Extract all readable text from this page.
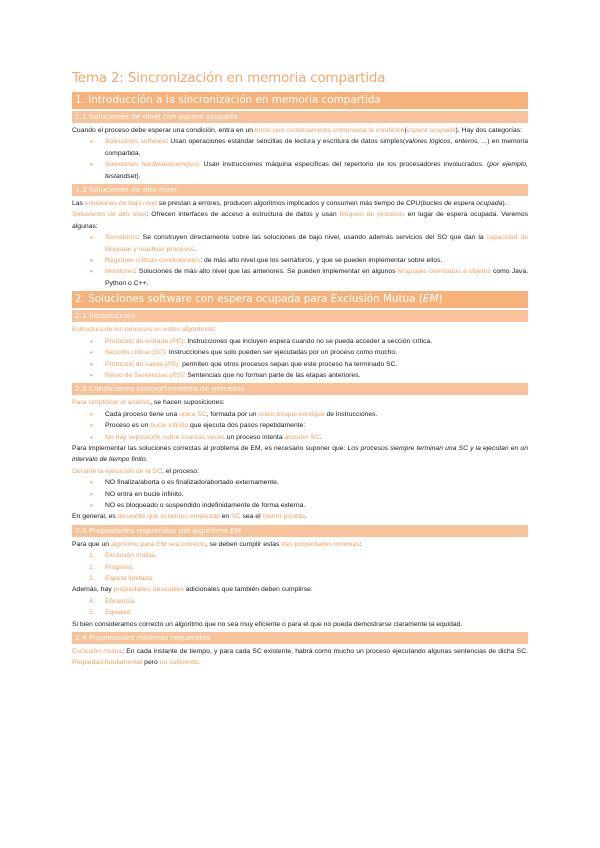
Tema 2: Sincronización en memoria compartida
1. Introducción a la sincronización en memoria compartida
1.1 Soluciones de nivel con espera ocupada

Cuando el proceso debe esperar una condición, entra en un bucle que continuamente comprueba la condición(espera ocupada). Hay dos categorías:

• Soluciones software: Usan operaciones estándar sencillas de lectura y escritura de datos simples(valores lógicos, enteros, ...) en memoria compartida.
• Soluciones hardware(cerrojos): Usan instrucciones máquina específicas del repertorio de los procesadores involucrados. (por ejemplo, testandset).
1.2 Soluciones de alto nivel

Las soluciones de bajo nivel se prestan a errores, producen algoritmos implicados y consumen más tiempo de CPU(bucles de espera ocupada).

Soluciones de alto nivel: Ofrecen interfaces de acceso a estructura de datos y usan bloqueo de procesos en lugar de espera ocupada. Veremos algunas:

• Semáforos: Se construyen directamente sobre las soluciones de bajo nivel, usando además servicios del SO que dan la capacidad de bloquear y reactivar procesos.
• Regiones críticas condicionales: de más alto nivel que los semáforos, y que se pueden implementar sobre ellos.
• Monitores: Soluciones de más alto nivel que las anteriores. Se pueden implementar en algunos lenguajes orientados a objetos como Java, Python o C++.
2. Soluciones software con espera ocupada para Exclusión Mutua (EM)
2.1 Introducción

Estructura de los procesos en estos algoritmos:

• Protocolo de entrada (PE): Instrucciones que incluyen espera cuando no se pueda acceder a sección crítica.
• Sección crítica (SC): Instrucciones que solo pueden ser ejecutadas por un proceso como mucho.
• Protocolo de salida (PS): permiten que otros procesos sepan que este proceso ha terminado SC.
• Resto de Sentencias (RS): Sentencias que no forman parte de las etapas anteriores.
2.2 Condiciones comportamiento de procesos

Para simplificar el análisis, se hacen suposiciones:

• Cada proceso tiene una única SC, formada por un único bloque contiguo de instrucciones.
• Proceso es un bucle infinito que ejecuta dos pasos repetidamente:
• No hay suposición sobre cuantas veces un proceso intenta acceder SC.

Para implementar las soluciones correctas al problema de EM, es necesario suponer que: Los procesos siempre terminan una SC y la ejecutan en un intervalo de tiempo finito.

Durante la ejecución de la SC, el proceso:

• NO finaliza/aborta o es finalizado/abortado externamente.
• NO entra en bucle infinito.
• NO es bloqueado o suspendido indefinidamente de forma externa.

En general, es deseable que el tiempo empleado en SC sea el menor posible.

2.3 Propiedades requeridas del algoritmo EM

Para que un algoritmo para EM sea correcto, se deben cumplir estas tres propiedades mínimas:

1. Exclusión mutua.
2. Progreso.
3. Espera limitada.

Además, hay propiedades deseables adicionales que también deben cumplirse:

4. Eficiencia.
5. Equidad.

Si bien consideramos correcto un algoritmo que no sea muy eficiente o para el que no pueda demostrarse claramente la equidad.

2.4 Propiedades mínimas requeridas

Exclusión mutua: En cada instante de tiempo, y para cada SC existente, habrá como mucho un proceso ejecutando algunas sentencias de dicha SC. Propiedad fundamental pero no suficiente.
